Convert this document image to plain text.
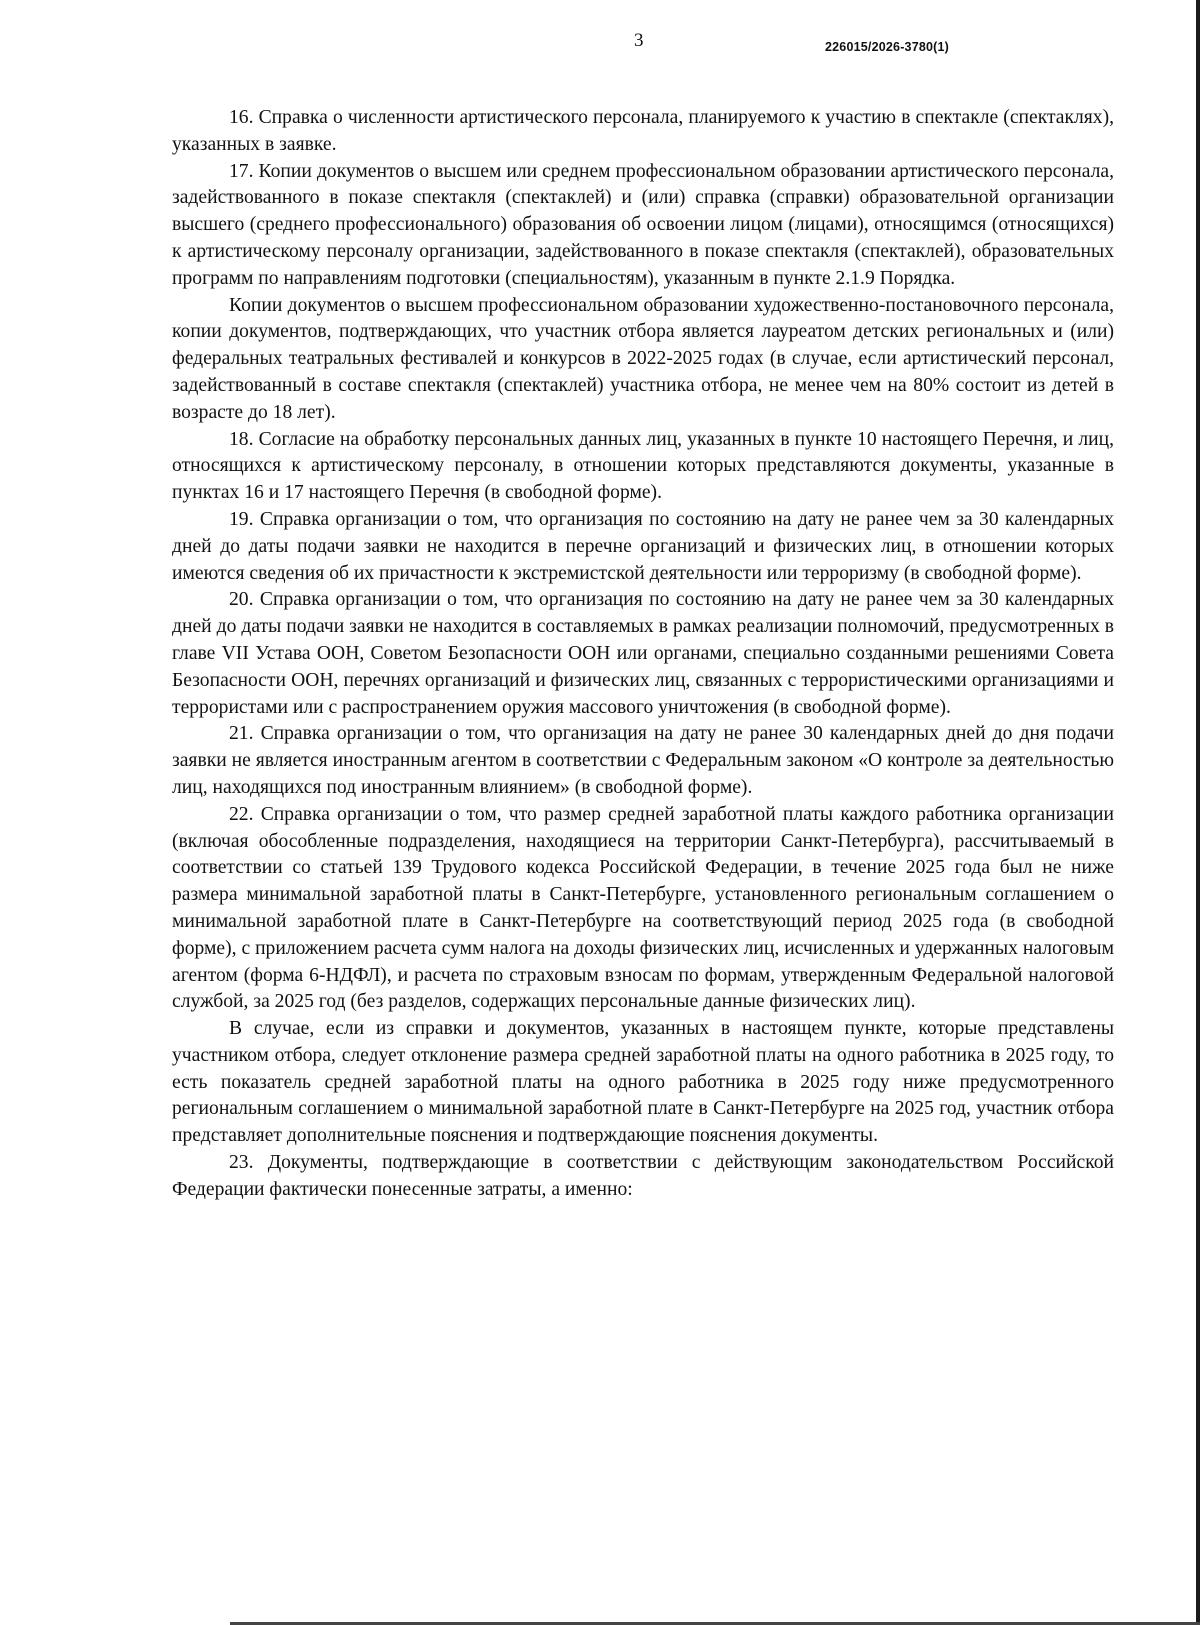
3	226015/2026-3780(1)

16. Справка о численности артистического персонала, планируемого к участию в спектакле (спектаклях), указанных в заявке.

17. Копии документов о высшем или среднем профессиональном образовании артистического персонала, задействованного в показе спектакля (спектаклей) и (или) справка (справки) образовательной организации высшего (среднего профессионального) образования об освоении лицом (лицами), относящимся (относящихся) к артистическому персоналу организации, задействованного в показе спектакля (спектаклей), образовательных программ по направлениям подготовки (специальностям), указанным в пункте 2.1.9 Порядка.

Копии документов о высшем профессиональном образовании художественно-постановочного персонала, копии документов, подтверждающих, что участник отбора является лауреатом детских региональных и (или) федеральных театральных фестивалей и конкурсов в 2022-2025 годах (в случае, если артистический персонал, задействованный в составе спектакля (спектаклей) участника отбора, не менее чем на 80% состоит из детей в возрасте до 18 лет).

18. Согласие на обработку персональных данных лиц, указанных в пункте 10 настоящего Перечня, и лиц, относящихся к артистическому персоналу, в отношении которых представляются документы, указанные в пунктах 16 и 17 настоящего Перечня (в свободной форме).

19. Справка организации о том, что организация по состоянию на дату не ранее чем за 30 календарных дней до даты подачи заявки не находится в перечне организаций и физических лиц, в отношении которых имеются сведения об их причастности к экстремистской деятельности или терроризму (в свободной форме).

20. Справка организации о том, что организация по состоянию на дату не ранее чем за 30 календарных дней до даты подачи заявки не находится в составляемых в рамках реализации полномочий, предусмотренных в главе VII Устава ООН, Советом Безопасности ООН или органами, специально созданными решениями Совета Безопасности ООН, перечнях организаций и физических лиц, связанных с террористическими организациями и террористами или с распространением оружия массового уничтожения (в свободной форме).

21. Справка организации о том, что организация на дату не ранее 30 календарных дней до дня подачи заявки не является иностранным агентом в соответствии с Федеральным законом «О контроле за деятельностью лиц, находящихся под иностранным влиянием» (в свободной форме).

22. Справка организации о том, что размер средней заработной платы каждого работника организации (включая обособленные подразделения, находящиеся на территории Санкт-Петербурга), рассчитываемый в соответствии со статьей 139 Трудового кодекса Российской Федерации, в течение 2025 года был не ниже размера минимальной заработной платы в Санкт-Петербурге, установленного региональным соглашением о минимальной заработной плате в Санкт-Петербурге на соответствующий период 2025 года (в свободной форме), с приложением расчета сумм налога на доходы физических лиц, исчисленных и удержанных налоговым агентом (форма 6-НДФЛ), и расчета по страховым взносам по формам, утвержденным Федеральной налоговой службой, за 2025 год (без разделов, содержащих персональные данные физических лиц).

В случае, если из справки и документов, указанных в настоящем пункте, которые представлены участником отбора, следует отклонение размера средней заработной платы на одного работника в 2025 году, то есть показатель средней заработной платы на одного работника в 2025 году ниже предусмотренного региональным соглашением о минимальной заработной плате в Санкт-Петербурге на 2025 год, участник отбора представляет дополнительные пояснения и подтверждающие пояснения документы.

23. Документы, подтверждающие в соответствии с действующим законодательством Российской Федерации фактически понесенные затраты, а именно:
